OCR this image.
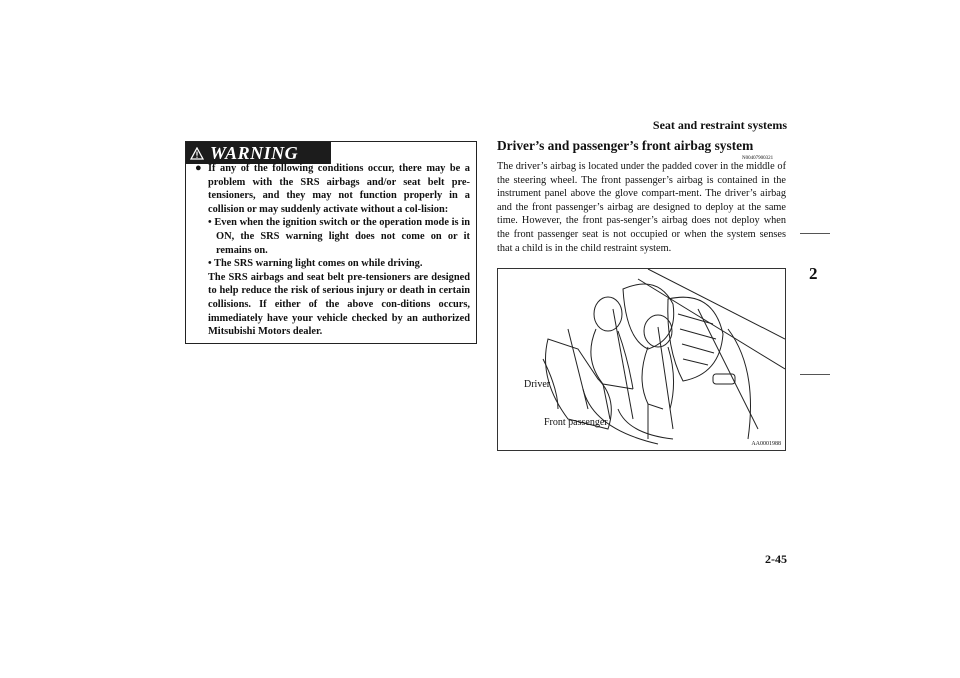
Seat and restraint systems
2
WARNING
● If any of the following conditions occur, there may be a problem with the SRS airbags and/or seat belt pre-tensioners, and they may not function properly in a collision or may suddenly activate without a col-lision:

• Even when the ignition switch or the operation mode is in ON, the SRS warning light does not come on or it remains on.

• The SRS warning light comes on while driving.

The SRS airbags and seat belt pre-tensioners are designed to help reduce the risk of serious injury or death in certain collisions. If either of the above con-ditions occurs, immediately have your vehicle checked by an authorized Mitsubishi Motors dealer.

Driver’s and passenger’s front airbag system
N00407900321
The driver’s airbag is located under the padded cover in the middle of the steering wheel. The front passenger’s airbag is contained in the instrument panel above the glove compart-ment. The driver’s airbag and the front passenger’s airbag are designed to deploy at the same time. However, the front pas-senger’s airbag does not deploy when the front passenger seat is not occupied or when the system senses that a child is in the child restraint system.
Driver
Front passenger
AA0001988
2-45
